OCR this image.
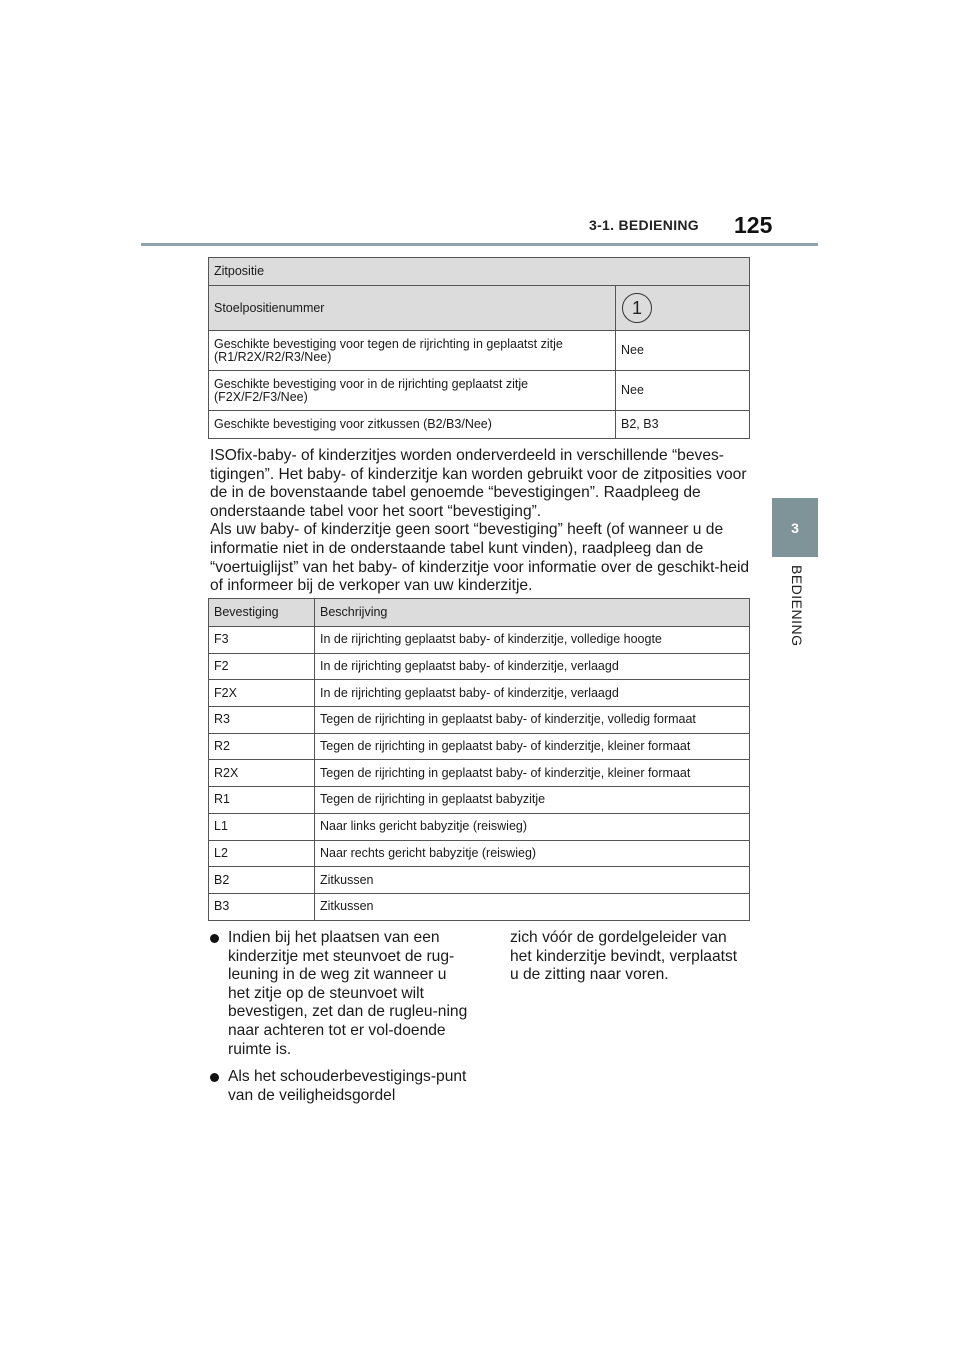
3-1. BEDIENING 125
3
BEDIENING
Zitpositie	
Stoelpositienummer	1
Geschikte bevestiging voor tegen de rijrichting in geplaatst zitje (R1/R2X/R2/R3/Nee)	Nee
Geschikte bevestiging voor in de rijrichting geplaatst zitje (F2X/F2/F3/Nee)	Nee
Geschikte bevestiging voor zitkussen (B2/B3/Nee)	B2, B3

ISOfix-baby- of kinderzitjes worden onderverdeeld in verschillende “beves-tigingen”. Het baby- of kinderzitje kan worden gebruikt voor de zitposities voor de in de bovenstaande tabel genoemde “bevestigingen”. Raadpleeg de onderstaande tabel voor het soort “bevestiging”.

Als uw baby- of kinderzitje geen soort “bevestiging” heeft (of wanneer u de informatie niet in de onderstaande tabel kunt vinden), raadpleeg dan de “voertuiglijst” van het baby- of kinderzitje voor informatie over de geschikt-heid of informeer bij de verkoper van uw kinderzitje.

Bevestiging	Beschrijving
F3	In de rijrichting geplaatst baby- of kinderzitje, volledige hoogte
F2	In de rijrichting geplaatst baby- of kinderzitje, verlaagd
F2X	In de rijrichting geplaatst baby- of kinderzitje, verlaagd
R3	Tegen de rijrichting in geplaatst baby- of kinderzitje, volledig formaat
R2	Tegen de rijrichting in geplaatst baby- of kinderzitje, kleiner formaat
R2X	Tegen de rijrichting in geplaatst baby- of kinderzitje, kleiner formaat
R1	Tegen de rijrichting in geplaatst babyzitje
L1	Naar links gericht babyzitje (reiswieg)
L2	Naar rechts gericht babyzitje (reiswieg)
B2	Zitkussen
B3	Zitkussen
Indien bij het plaatsen van een kinderzitje met steunvoet de rug-leuning in de weg zit wanneer u het zitje op de steunvoet wilt bevestigen, zet dan de rugleu-ning naar achteren tot er vol-doende ruimte is.
Als het schouderbevestigings-punt van de veiligheidsgordel
zich vóór de gordelgeleider van het kinderzitje bevindt, verplaatst u de zitting naar voren.
